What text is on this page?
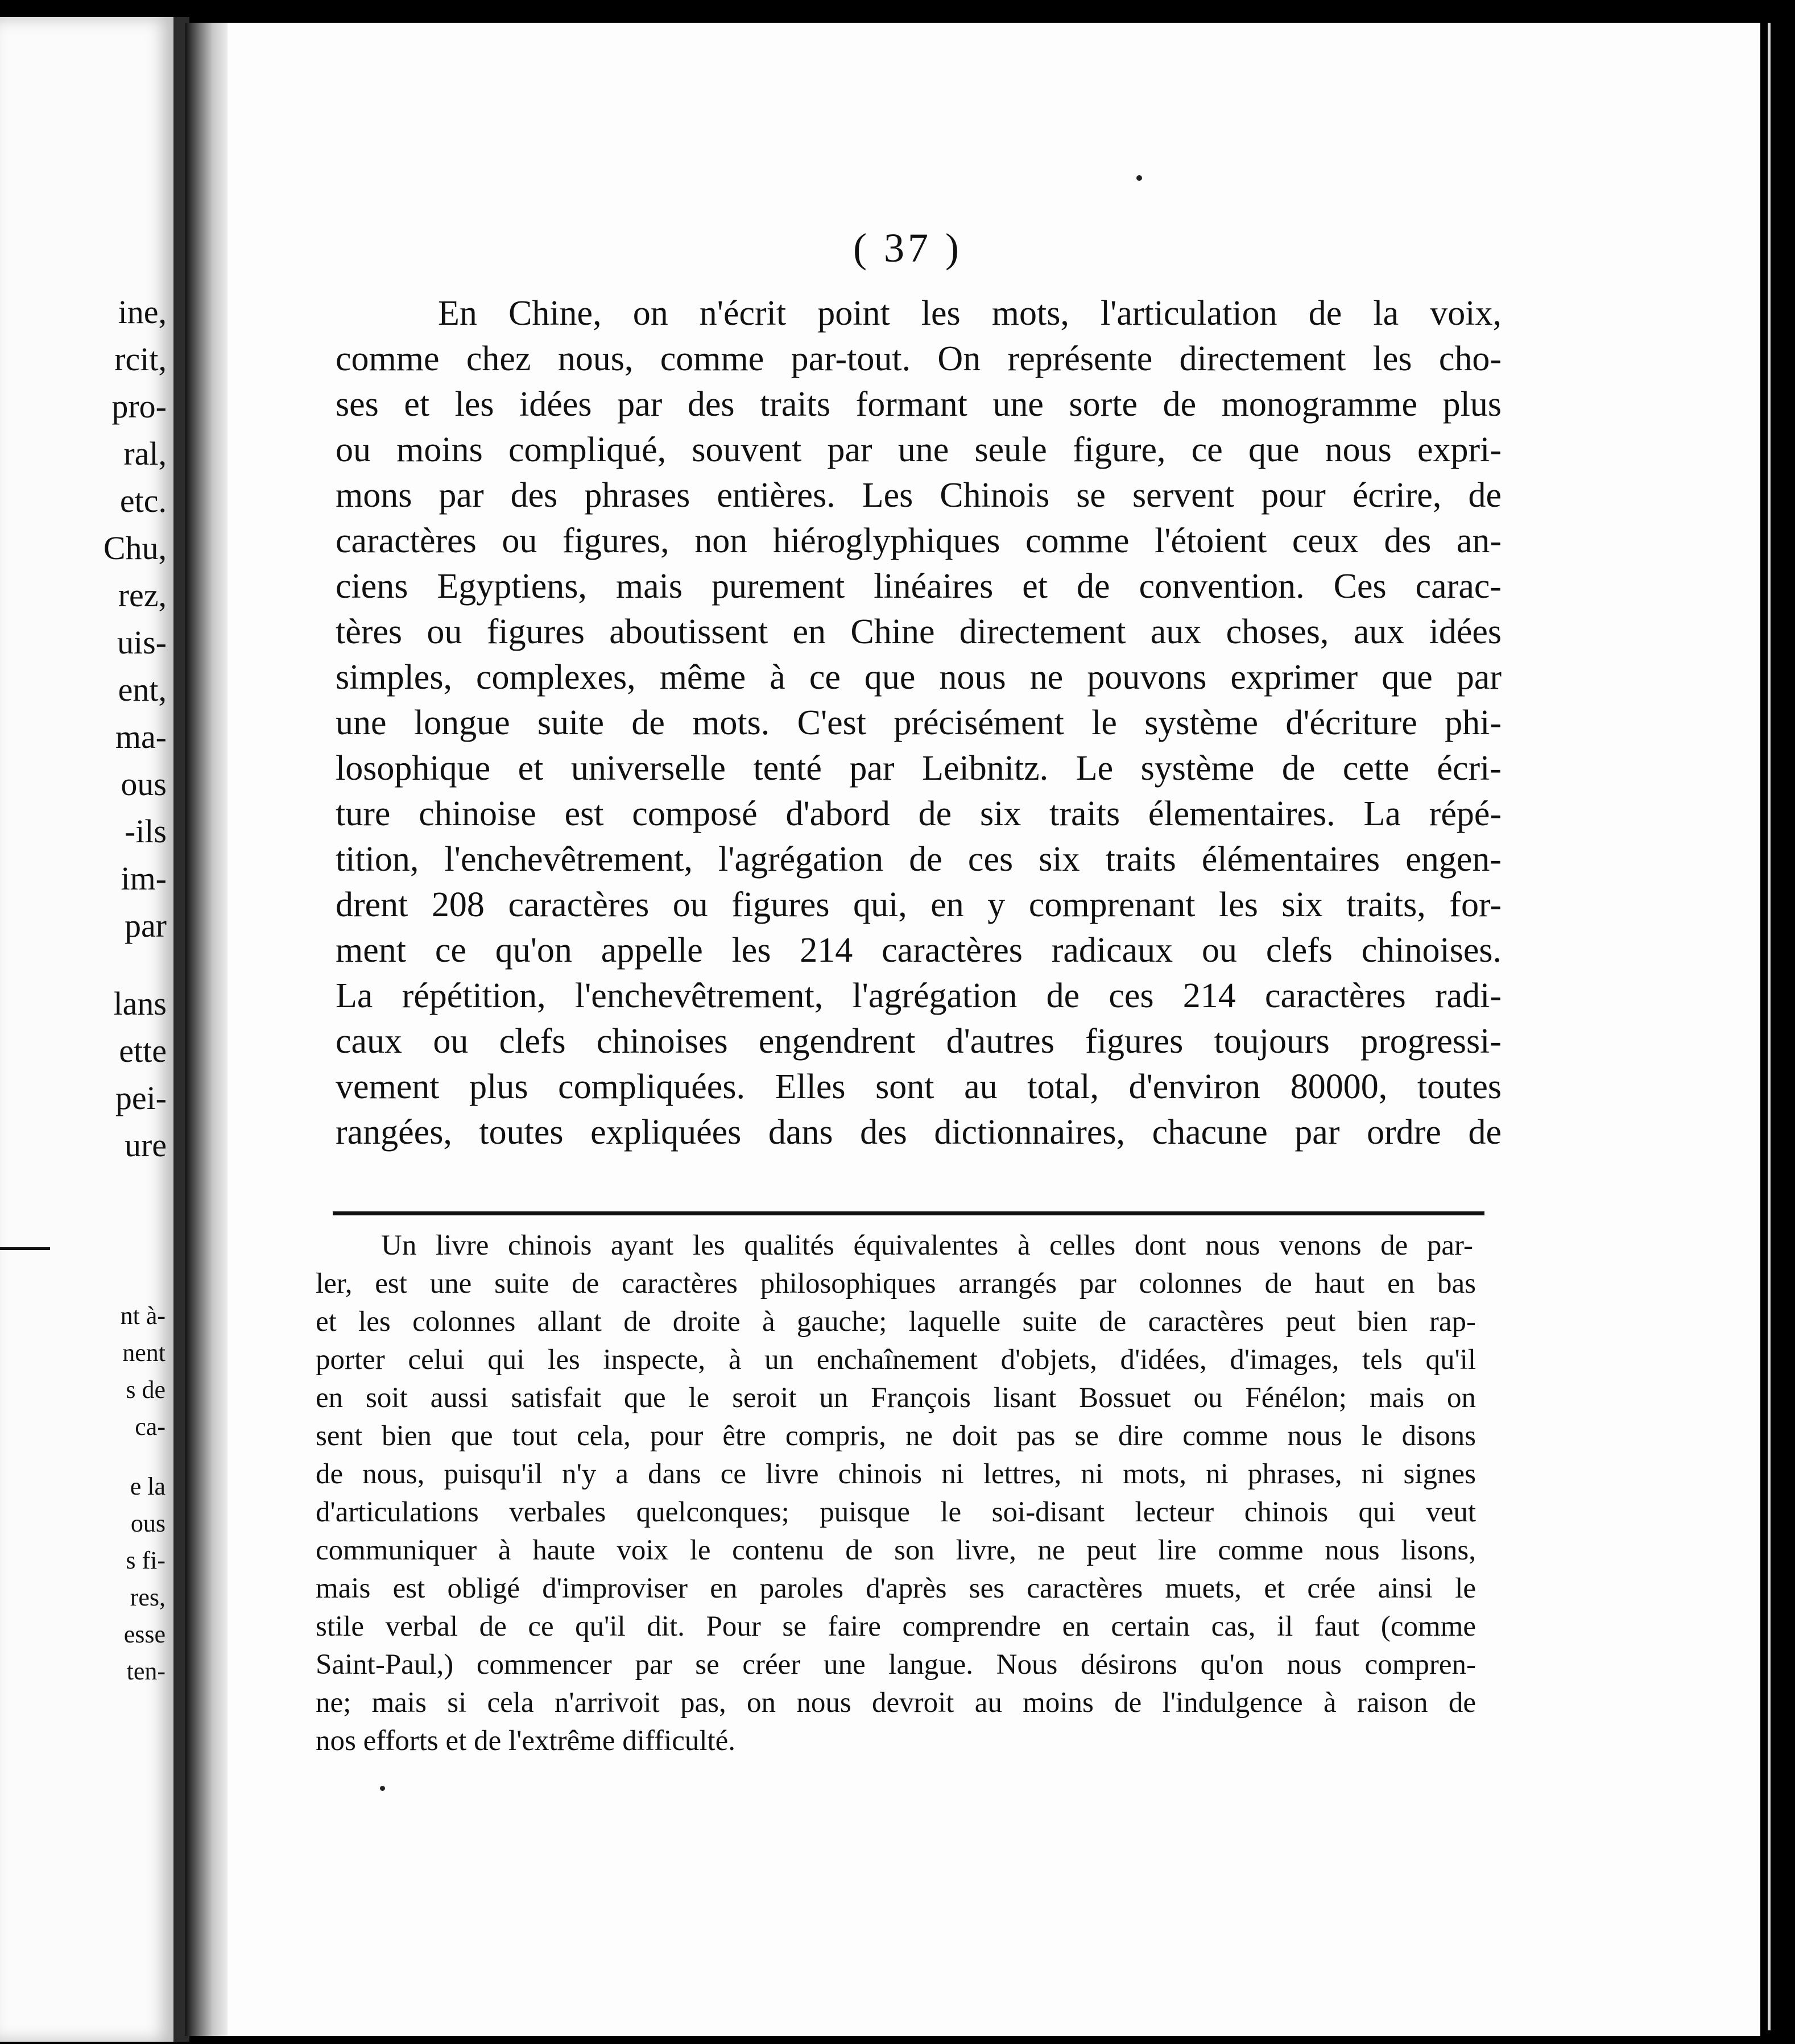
ine,
rcit,
pro-
ral,
etc.
Chu,
rez,
uis-
ent,
ma-
ous
-ils
im-
par
lans
ette
pei-
ure
nt à-
nent
s de
ca-
e la
ous
s fi-
res,
esse
ten-
( 37 )
En Chine, on n'écrit point les mots, l'articulation de la voix,
comme chez nous, comme par-tout. On représente directement les cho-
ses et les idées par des traits formant une sorte de monogramme plus
ou moins compliqué, souvent par une seule figure, ce que nous expri-
mons par des phrases entières. Les Chinois se servent pour écrire, de
caractères ou figures, non hiéroglyphiques comme l'étoient ceux des an-
ciens Egyptiens, mais purement linéaires et de convention. Ces carac-
tères ou figures aboutissent en Chine directement aux choses, aux idées
simples, complexes, même à ce que nous ne pouvons exprimer que par
une longue suite de mots. C'est précisément le système d'écriture phi-
losophique et universelle tenté par Leibnitz. Le système de cette écri-
ture chinoise est composé d'abord de six traits élementaires. La répé-
tition, l'enchevêtrement, l'agrégation de ces six traits élémentaires engen-
drent 208 caractères ou figures qui, en y comprenant les six traits, for-
ment ce qu'on appelle les 214 caractères radicaux ou clefs chinoises.
La répétition, l'enchevêtrement, l'agrégation de ces 214 caractères radi-
caux ou clefs chinoises engendrent d'autres figures toujours progressi-
vement plus compliquées. Elles sont au total, d'environ 80000, toutes
rangées, toutes expliquées dans des dictionnaires, chacune par ordre de
Un livre chinois ayant les qualités équivalentes à celles dont nous venons de par-
ler, est une suite de caractères philosophiques arrangés par colonnes de haut en bas
et les colonnes allant de droite à gauche; laquelle suite de caractères peut bien rap-
porter celui qui les inspecte, à un enchaînement d'objets, d'idées, d'images, tels qu'il
en soit aussi satisfait que le seroit un François lisant Bossuet ou Fénélon; mais on
sent bien que tout cela, pour être compris, ne doit pas se dire comme nous le disons
de nous, puisqu'il n'y a dans ce livre chinois ni lettres, ni mots, ni phrases, ni signes
d'articulations verbales quelconques; puisque le soi-disant lecteur chinois qui veut
communiquer à haute voix le contenu de son livre, ne peut lire comme nous lisons,
mais est obligé d'improviser en paroles d'après ses caractères muets, et crée ainsi le
stile verbal de ce qu'il dit. Pour se faire comprendre en certain cas, il faut (comme
Saint-Paul,) commencer par se créer une langue. Nous désirons qu'on nous compren-
ne; mais si cela n'arrivoit pas, on nous devroit au moins de l'indulgence à raison de
nos efforts et de l'extrême difficulté.
